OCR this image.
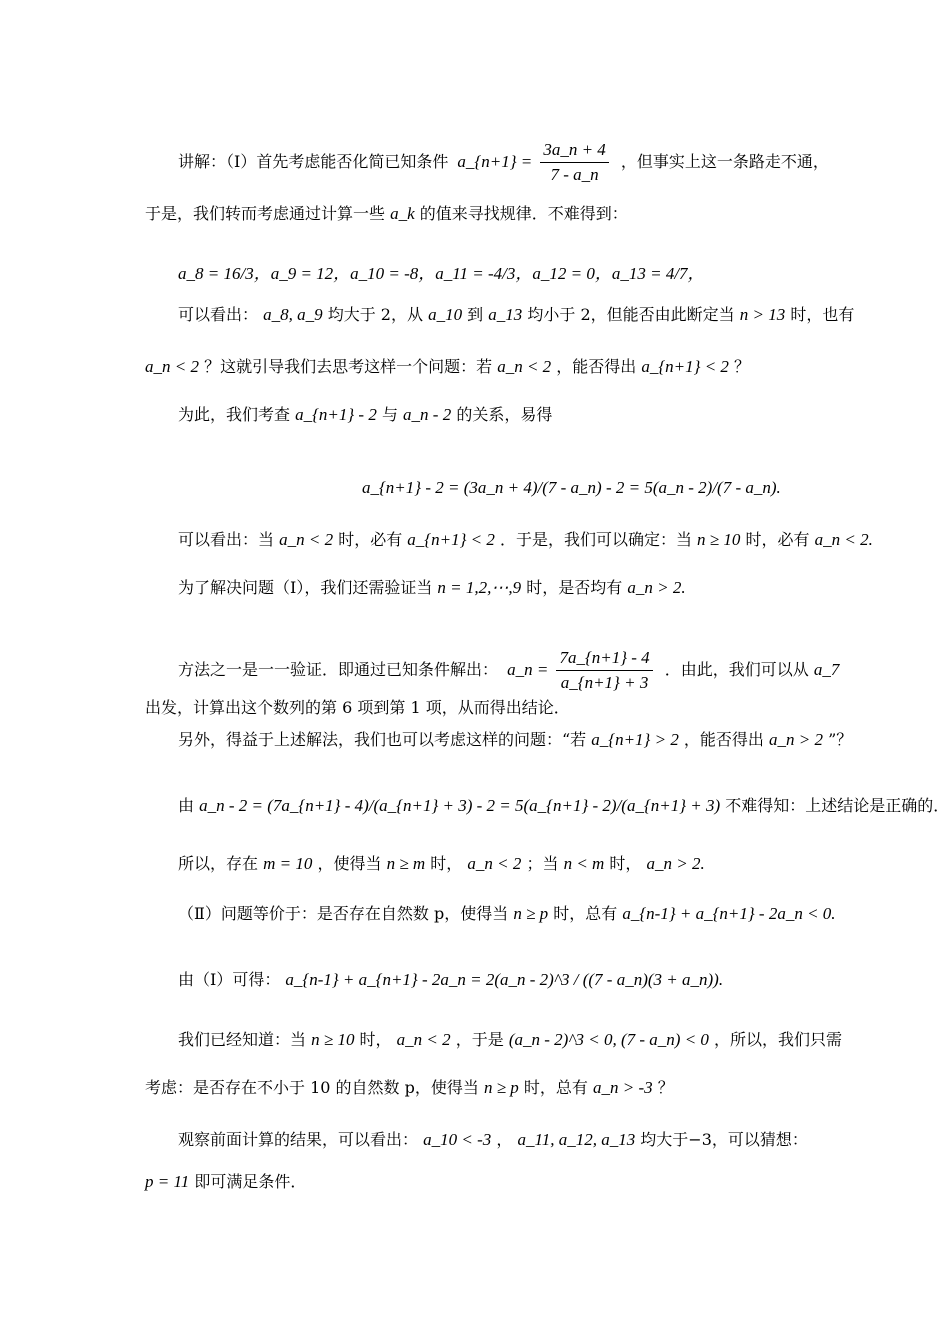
讲解：（Ⅰ）首先考虑能否化简已知条件 a_{n+1} = $\frac{3a\_n + 4}{7 - a\_n}$ ，但事实上这一条路走不通，
于是，我们转而考虑通过计算一些 a_k 的值来寻找规律．不难得到：
a_8 = 16/3，a_9 = 12，a_10 = -8，a_11 = -4/3，a_12 = 0，a_13 = 4/7，
可以看出： a_8, a_9 均大于 2，从 a_10 到 a_13 均小于 2，但能否由此断定当 n > 13 时，也有
a_n < 2 ？这就引导我们去思考这样一个问题：若 a_n < 2 ，能否得出 a_{n+1} < 2 ？
为此，我们考查 a_{n+1} - 2 与 a_n - 2 的关系，易得
a_{n+1} - 2 = (3a_n + 4)/(7 - a_n) - 2 = 5(a_n - 2)/(7 - a_n).
可以看出：当 a_n < 2 时，必有 a_{n+1} < 2 ．于是，我们可以确定：当 n ≥ 10 时，必有 a_n < 2.
为了解决问题（Ⅰ），我们还需验证当 n = 1,2,⋯,9 时，是否均有 a_n > 2.
方法之一是一一验证．即通过已知条件解出： a_n = $\frac{7a\_\{n+1\} - 4}{a\_\{n+1\} + 3}$ ．由此，我们可以从 a_7
出发，计算出这个数列的第 6 项到第 1 项，从而得出结论．
另外，得益于上述解法，我们也可以考虑这样的问题：“若 a_{n+1} > 2 ，能否得出 a_n > 2 ”？
由 a_n - 2 = (7a_{n+1} - 4)/(a_{n+1} + 3) - 2 = 5(a_{n+1} - 2)/(a_{n+1} + 3) 不难得知：上述结论是正确的．
所以，存在 m = 10 ，使得当 n ≥ m 时， a_n < 2 ；当 n < m 时， a_n > 2.
（Ⅱ）问题等价于：是否存在自然数 p，使得当 n ≥ p 时，总有 a_{n-1} + a_{n+1} - 2a_n < 0.
由（Ⅰ）可得： a_{n-1} + a_{n+1} - 2a_n = 2(a_n - 2)^3 / ((7 - a_n)(3 + a_n)).
我们已经知道：当 n ≥ 10 时， a_n < 2 ，于是 (a_n - 2)^3 < 0, (7 - a_n) < 0 ，所以，我们只需
考虑：是否存在不小于 10 的自然数 p，使得当 n ≥ p 时，总有 a_n > -3 ？
观察前面计算的结果，可以看出： a_10 < -3 ， a_11, a_12, a_13 均大于−3，可以猜想：
p = 11 即可满足条件．
